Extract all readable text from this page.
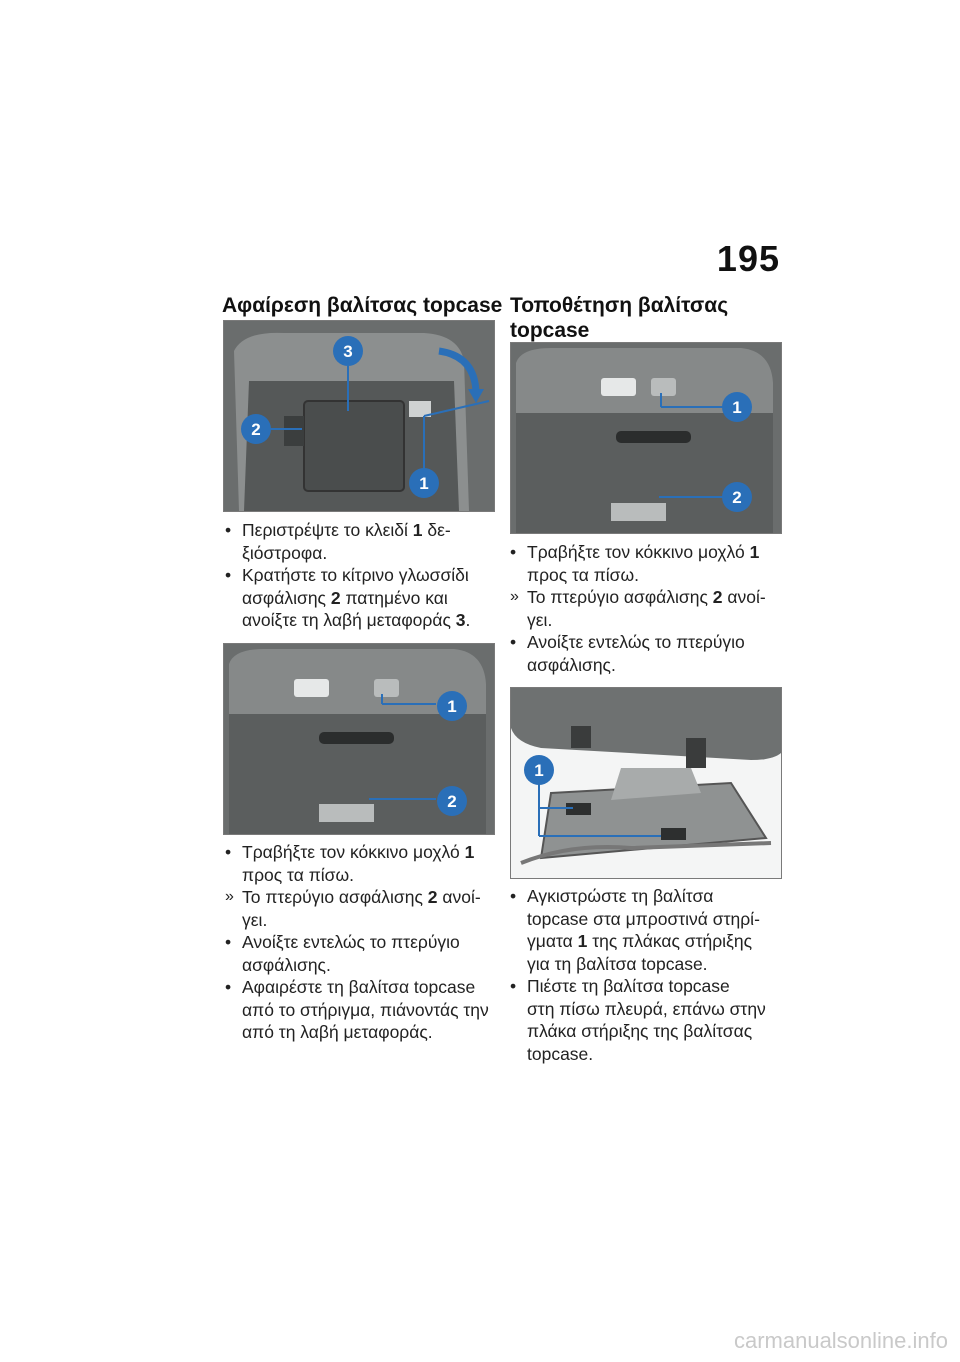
195
Αφαίρεση βαλίτσας topcase
3
2
1
• Περιστρέψτε το κλειδί 1 δε-
ξιόστροφα.
• Κρατήστε το κίτρινο γλωσσίδι
ασφάλισης 2 πατημένο και
ανοίξτε τη λαβή μεταφοράς 3.
1
2
• Τραβήξτε τον κόκκινο μοχλό 1
προς τα πίσω.
» Το πτερύγιο ασφάλισης 2 ανοί-
γει.
• Ανοίξτε εντελώς το πτερύγιο
ασφάλισης.
• Αφαιρέστε τη βαλίτσα topcase
από το στήριγμα, πιάνοντάς την
από τη λαβή μεταφοράς.
Τοποθέτηση βαλίτσας
topcase
1
2
• Τραβήξτε τον κόκκινο μοχλό 1
προς τα πίσω.
» Το πτερύγιο ασφάλισης 2 ανοί-
γει.
• Ανοίξτε εντελώς το πτερύγιο
ασφάλισης.
1
• Αγκιστρώστε τη βαλίτσα
topcase στα μπροστινά στηρί-
γματα 1 της πλάκας στήριξης
για τη βαλίτσα topcase.
• Πιέστε τη βαλίτσα topcase
στη πίσω πλευρά, επάνω στην
πλάκα στήριξης της βαλίτσας
topcase.
carmanualsonline.info
